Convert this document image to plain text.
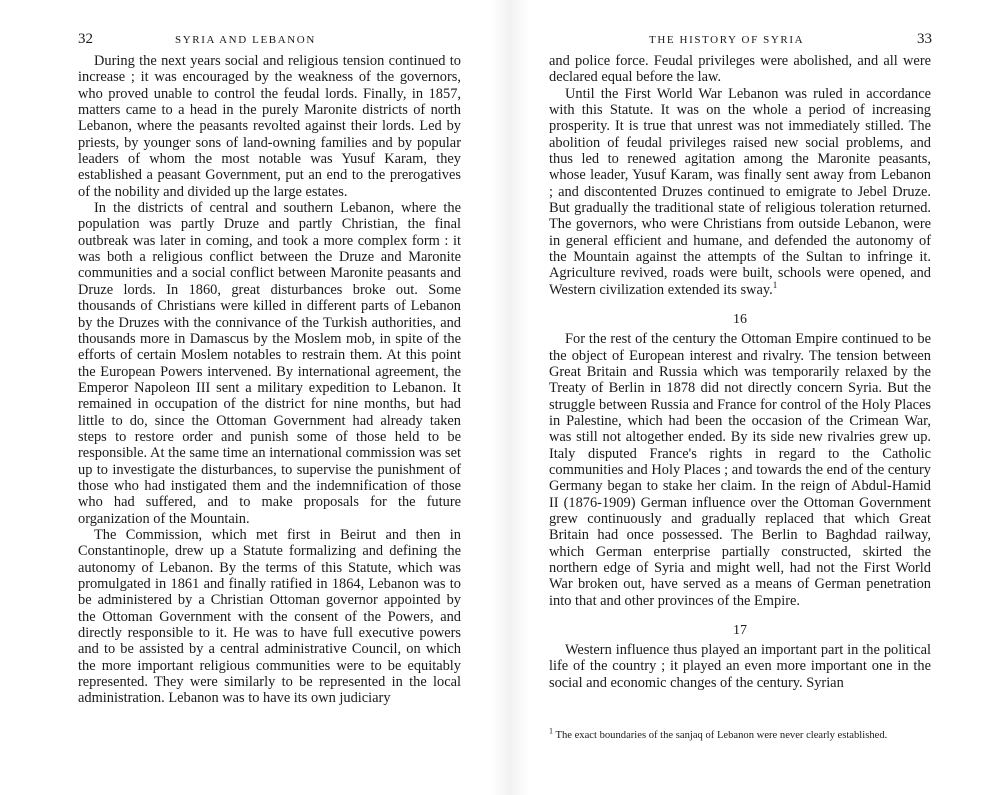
32	SYRIA AND LEBANON

During the next years social and religious tension continued to increase ; it was encouraged by the weakness of the governors, who proved unable to control the feudal lords. Finally, in 1857, matters came to a head in the purely Maronite districts of north Lebanon, where the peasants revolted against their lords. Led by priests, by younger sons of land-owning families and by popular leaders of whom the most notable was Yusuf Karam, they established a peasant Government, put an end to the prerogatives of the nobility and divided up the large estates.

In the districts of central and southern Lebanon, where the population was partly Druze and partly Christian, the final outbreak was later in coming, and took a more complex form : it was both a religious conflict between the Druze and Maronite communities and a social conflict between Maronite peasants and Druze lords. In 1860, great disturbances broke out. Some thousands of Christians were killed in different parts of Lebanon by the Druzes with the connivance of the Turkish authorities, and thousands more in Damascus by the Moslem mob, in spite of the efforts of certain Moslem notables to restrain them. At this point the European Powers intervened. By international agreement, the Emperor Napoleon III sent a military expedition to Lebanon. It remained in occupation of the district for nine months, but had little to do, since the Ottoman Government had already taken steps to restore order and punish some of those held to be responsible. At the same time an international commission was set up to investigate the disturbances, to supervise the punishment of those who had instigated them and the indemnification of those who had suffered, and to make proposals for the future organization of the Mountain.

The Commission, which met first in Beirut and then in Constantinople, drew up a Statute formalizing and defining the autonomy of Lebanon. By the terms of this Statute, which was promulgated in 1861 and finally ratified in 1864, Lebanon was to be administered by a Christian Ottoman governor appointed by the Ottoman Government with the consent of the Powers, and directly responsible to it. He was to have full executive powers and to be assisted by a central administrative Council, on which the more important religious communities were to be equitably represented. They were similarly to be represented in the local administration. Lebanon was to have its own judiciary

THE HISTORY OF SYRIA	33

and police force. Feudal privileges were abolished, and all were declared equal before the law.

Until the First World War Lebanon was ruled in accordance with this Statute. It was on the whole a period of increasing prosperity. It is true that unrest was not immediately stilled. The abolition of feudal privileges raised new social problems, and thus led to renewed agitation among the Maronite peasants, whose leader, Yusuf Karam, was finally sent away from Lebanon ; and discontented Druzes continued to emigrate to Jebel Druze. But gradually the traditional state of religious toleration returned. The governors, who were Christians from outside Lebanon, were in general efficient and humane, and defended the autonomy of the Mountain against the attempts of the Sultan to infringe it. Agriculture revived, roads were built, schools were opened, and Western civilization extended its sway.$^1$

16

For the rest of the century the Ottoman Empire continued to be the object of European interest and rivalry. The tension between Great Britain and Russia which was temporarily relaxed by the Treaty of Berlin in 1878 did not directly concern Syria. But the struggle between Russia and France for control of the Holy Places in Palestine, which had been the occasion of the Crimean War, was still not altogether ended. By its side new rivalries grew up. Italy disputed France's rights in regard to the Catholic communities and Holy Places ; and towards the end of the century Germany began to stake her claim. In the reign of Abdul-Hamid II (1876-1909) German influence over the Ottoman Government grew continuously and gradually replaced that which Great Britain had once possessed. The Berlin to Baghdad railway, which German enterprise partially constructed, skirted the northern edge of Syria and might well, had not the First World War broken out, have served as a means of German penetration into that and other provinces of the Empire.

17

Western influence thus played an important part in the political life of the country ; it played an even more important one in the social and economic changes of the century. Syrian

$^1$ The exact boundaries of the sanjaq of Lebanon were never clearly established.
